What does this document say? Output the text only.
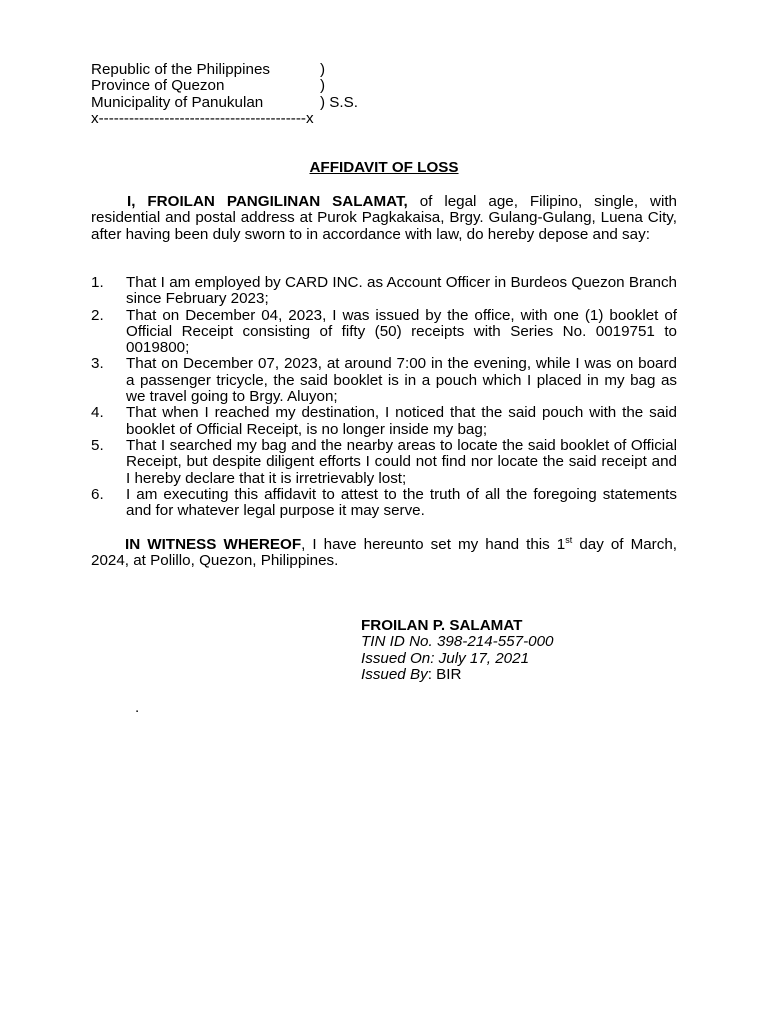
Republic of the Philippines	)
Province of Quezon	)
Municipality of Panukulan	) S.S.
x-----------------------------------------x
AFFIDAVIT OF LOSS
I, FROILAN PANGILINAN SALAMAT, of legal age, Filipino, single, with residential and postal address at Purok Pagkakaisa, Brgy. Gulang-Gulang, Luena City, after having been duly sworn to in accordance with law, do hereby depose and say:
1. That I am employed by CARD INC. as Account Officer in Burdeos Quezon Branch since February 2023;
2. That on December 04, 2023, I was issued by the office, with one (1) booklet of Official Receipt consisting of fifty (50) receipts with Series No. 0019751 to 0019800;
3. That on December 07, 2023, at around 7:00 in the evening, while I was on board a passenger tricycle, the said booklet is in a pouch which I placed in my bag as we travel going to Brgy. Aluyon;
4. That when I reached my destination, I noticed that the said pouch with the said booklet of Official Receipt, is no longer inside my bag;
5. That I searched my bag and the nearby areas to locate the said booklet of Official Receipt, but despite diligent efforts I could not find nor locate the said receipt and I hereby declare that it is irretrievably lost;
6. I am executing this affidavit to attest to the truth of all the foregoing statements and for whatever legal purpose it may serve.
IN WITNESS WHEREOF, I have hereunto set my hand this 1st day of March, 2024, at Polillo, Quezon, Philippines.
FROILAN P. SALAMAT
TIN ID No. 398-214-557-000
Issued On: July 17, 2021
Issued By: BIR
.
